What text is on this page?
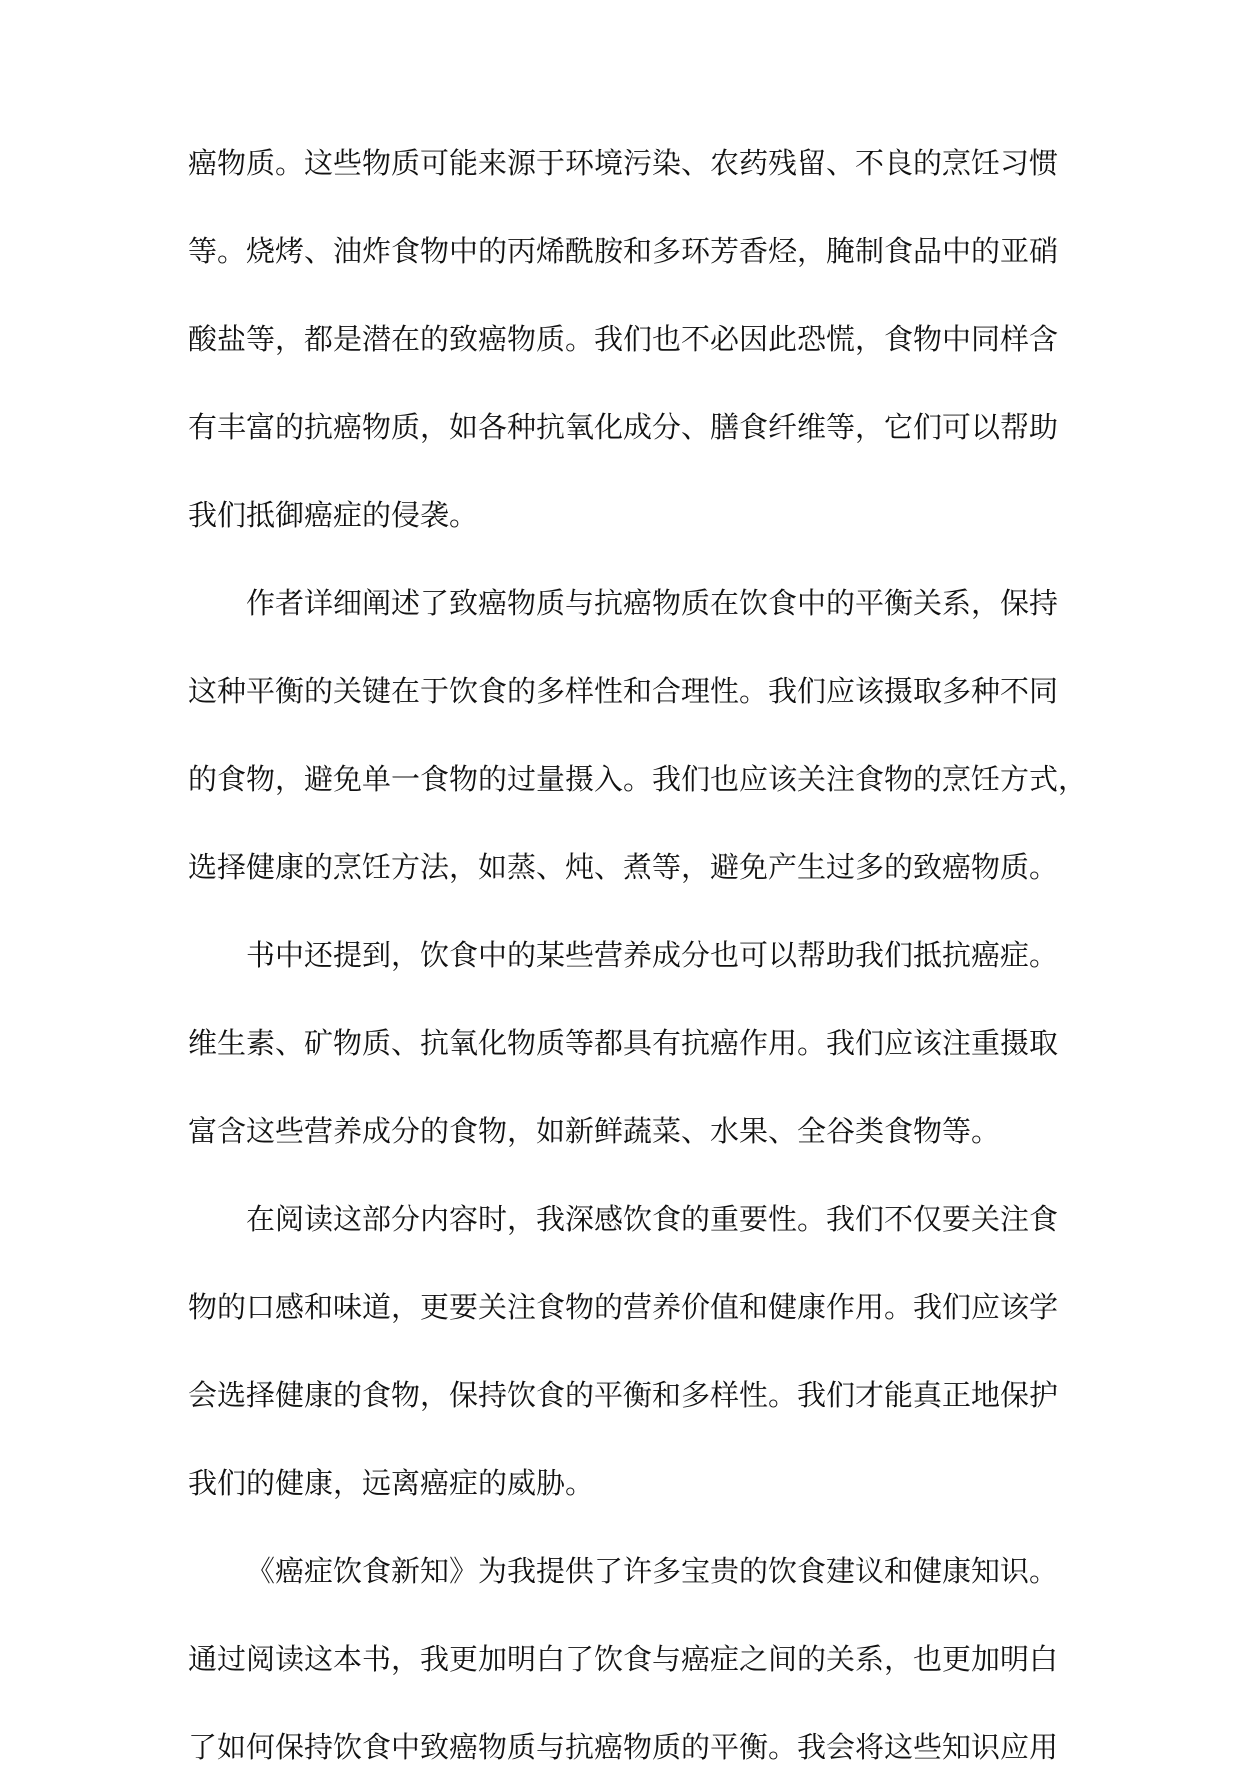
癌物质。这些物质可能来源于环境污染、农药残留、不良的烹饪习惯
等。烧烤、油炸食物中的丙烯酰胺和多环芳香烃，腌制食品中的亚硝
酸盐等，都是潜在的致癌物质。我们也不必因此恐慌，食物中同样含
有丰富的抗癌物质，如各种抗氧化成分、膳食纤维等，它们可以帮助
我们抵御癌症的侵袭。
作者详细阐述了致癌物质与抗癌物质在饮食中的平衡关系，保持
这种平衡的关键在于饮食的多样性和合理性。我们应该摄取多种不同
的食物，避免单一食物的过量摄入。我们也应该关注食物的烹饪方式，
选择健康的烹饪方法，如蒸、炖、煮等，避免产生过多的致癌物质。
书中还提到，饮食中的某些营养成分也可以帮助我们抵抗癌症。
维生素、矿物质、抗氧化物质等都具有抗癌作用。我们应该注重摄取
富含这些营养成分的食物，如新鲜蔬菜、水果、全谷类食物等。
在阅读这部分内容时，我深感饮食的重要性。我们不仅要关注食
物的口感和味道，更要关注食物的营养价值和健康作用。我们应该学
会选择健康的食物，保持饮食的平衡和多样性。我们才能真正地保护
我们的健康，远离癌症的威胁。
《癌症饮食新知》为我提供了许多宝贵的饮食建议和健康知识。
通过阅读这本书，我更加明白了饮食与癌症之间的关系，也更加明白
了如何保持饮食中致癌物质与抗癌物质的平衡。我会将这些知识应用
